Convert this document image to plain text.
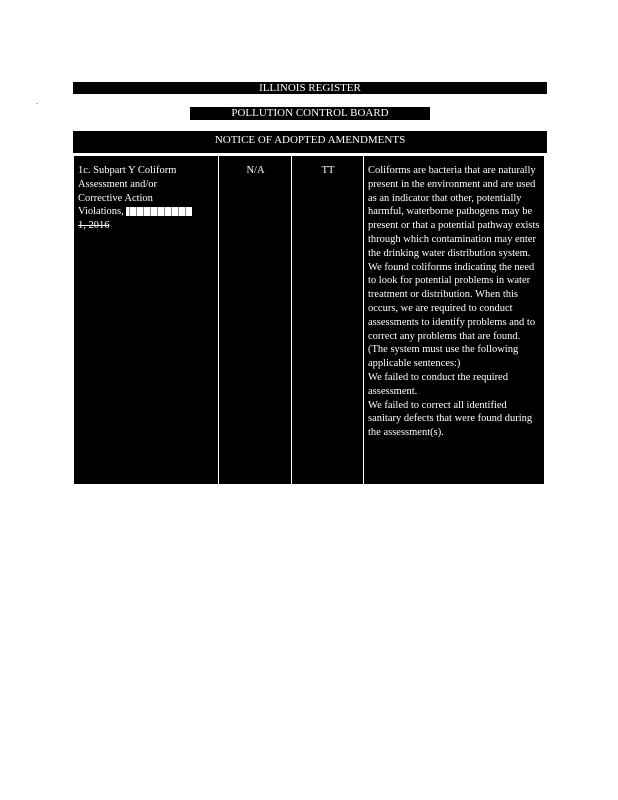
ILLINOIS REGISTER
POLLUTION CONTROL BOARD
NOTICE OF ADOPTED AMENDMENTS
1c. Subpart Y Coliform
Assessment and/or
Corrective Action
Violations,
1, 2016
N/A	TT	Coliforms are bacteria that are naturally present in the environment and are used as an indicator that other, potentially harmful, waterborne pathogens may be present or that a potential pathway exists through which contamination may enter the drinking water distribution system. We found coliforms indicating the need to look for potential problems in water treatment or distribution. When this occurs, we are required to conduct assessments to identify problems and to correct any problems that are found.
(The system must use the following applicable sentences:)
We failed to conduct the required assessment.
We failed to correct all identified sanitary defects that were found during the assessment(s).
